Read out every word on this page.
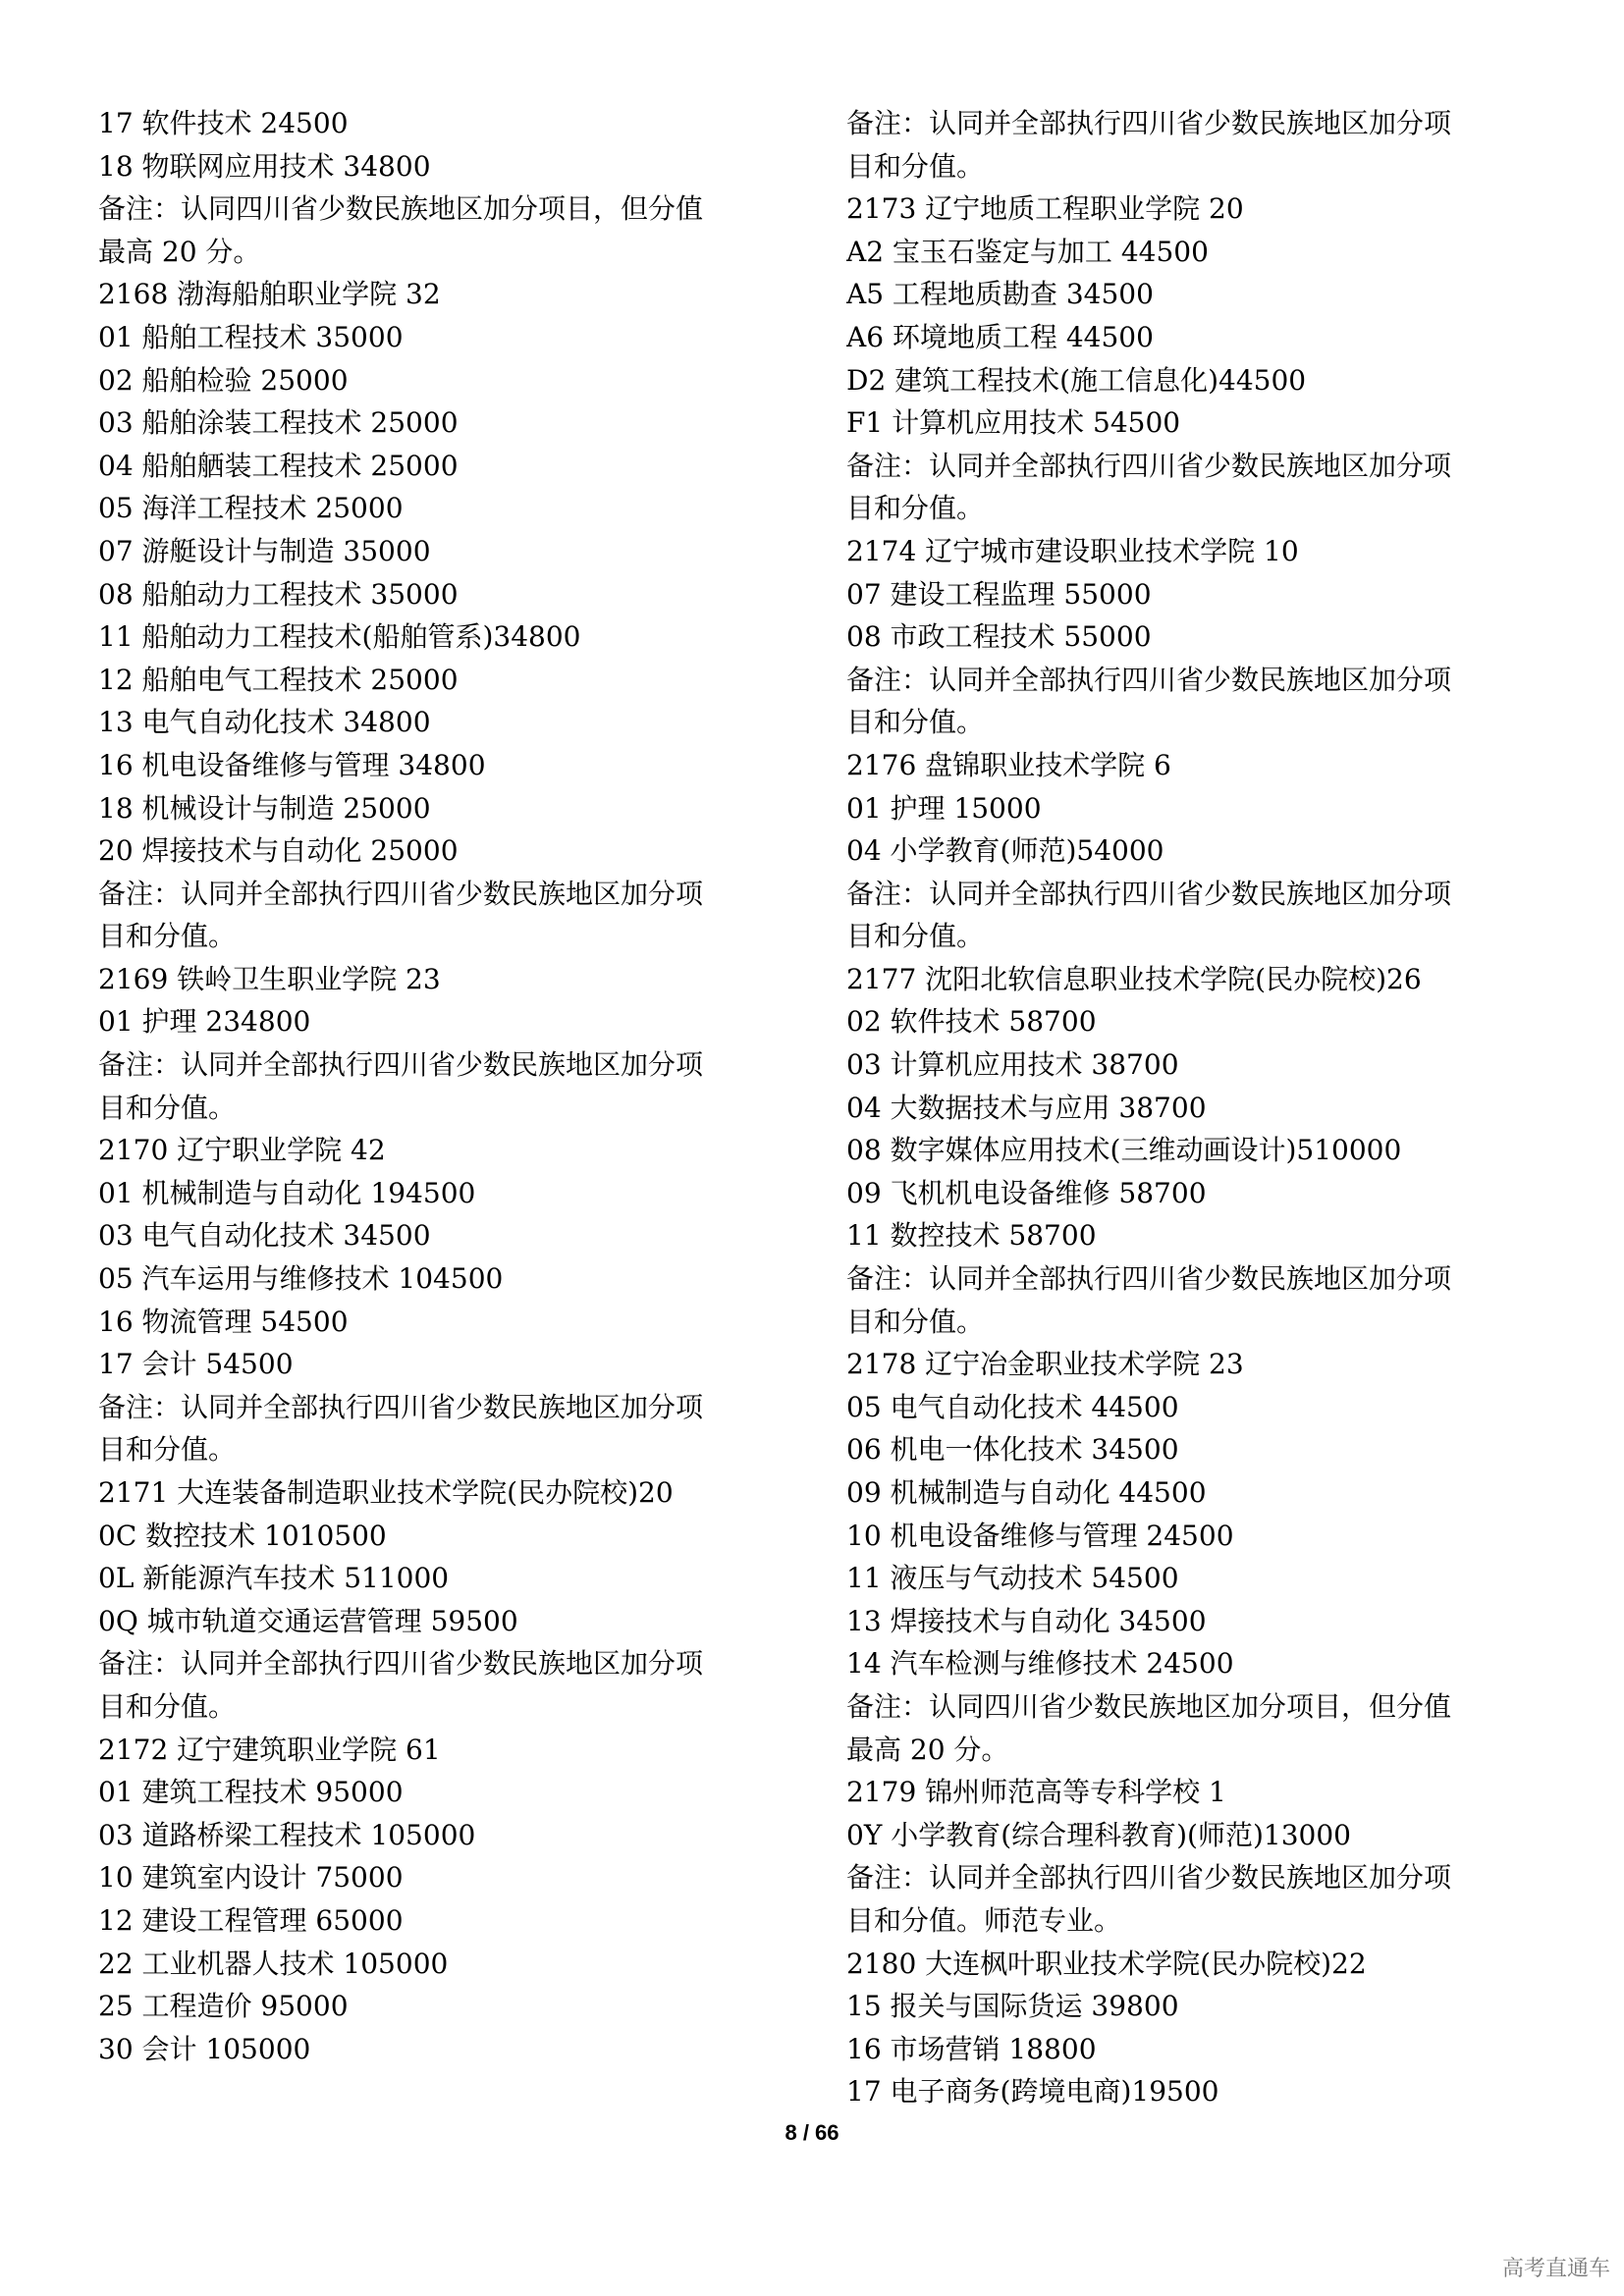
17 软件技术 24500
18 物联网应用技术 34800
备注：认同四川省少数民族地区加分项目，但分值
最高 20 分。
2168 渤海船舶职业学院 32
01 船舶工程技术 35000
02 船舶检验 25000
03 船舶涂装工程技术 25000
04 船舶舾装工程技术 25000
05 海洋工程技术 25000
07 游艇设计与制造 35000
08 船舶动力工程技术 35000
11 船舶动力工程技术(船舶管系)34800
12 船舶电气工程技术 25000
13 电气自动化技术 34800
16 机电设备维修与管理 34800
18 机械设计与制造 25000
20 焊接技术与自动化 25000
备注：认同并全部执行四川省少数民族地区加分项
目和分值。
2169 铁岭卫生职业学院 23
01 护理 234800
备注：认同并全部执行四川省少数民族地区加分项
目和分值。
2170 辽宁职业学院 42
01 机械制造与自动化 194500
03 电气自动化技术 34500
05 汽车运用与维修技术 104500
16 物流管理 54500
17 会计 54500
备注：认同并全部执行四川省少数民族地区加分项
目和分值。
2171 大连装备制造职业技术学院(民办院校)20
0C 数控技术 1010500
0L 新能源汽车技术 511000
0Q 城市轨道交通运营管理 59500
备注：认同并全部执行四川省少数民族地区加分项
目和分值。
2172 辽宁建筑职业学院 61
01 建筑工程技术 95000
03 道路桥梁工程技术 105000
10 建筑室内设计 75000
12 建设工程管理 65000
22 工业机器人技术 105000
25 工程造价 95000
30 会计 105000
备注：认同并全部执行四川省少数民族地区加分项
目和分值。
2173 辽宁地质工程职业学院 20
A2 宝玉石鉴定与加工 44500
A5 工程地质勘查 34500
A6 环境地质工程 44500
D2 建筑工程技术(施工信息化)44500
F1 计算机应用技术 54500
备注：认同并全部执行四川省少数民族地区加分项
目和分值。
2174 辽宁城市建设职业技术学院 10
07 建设工程监理 55000
08 市政工程技术 55000
备注：认同并全部执行四川省少数民族地区加分项
目和分值。
2176 盘锦职业技术学院 6
01 护理 15000
04 小学教育(师范)54000
备注：认同并全部执行四川省少数民族地区加分项
目和分值。
2177 沈阳北软信息职业技术学院(民办院校)26
02 软件技术 58700
03 计算机应用技术 38700
04 大数据技术与应用 38700
08 数字媒体应用技术(三维动画设计)510000
09 飞机机电设备维修 58700
11 数控技术 58700
备注：认同并全部执行四川省少数民族地区加分项
目和分值。
2178 辽宁冶金职业技术学院 23
05 电气自动化技术 44500
06 机电一体化技术 34500
09 机械制造与自动化 44500
10 机电设备维修与管理 24500
11 液压与气动技术 54500
13 焊接技术与自动化 34500
14 汽车检测与维修技术 24500
备注：认同四川省少数民族地区加分项目，但分值
最高 20 分。
2179 锦州师范高等专科学校 1
0Y 小学教育(综合理科教育)(师范)13000
备注：认同并全部执行四川省少数民族地区加分项
目和分值。师范专业。
2180 大连枫叶职业技术学院(民办院校)22
15 报关与国际货运 39800
16 市场营销 18800
17 电子商务(跨境电商)19500
8 / 66
高考直通车
